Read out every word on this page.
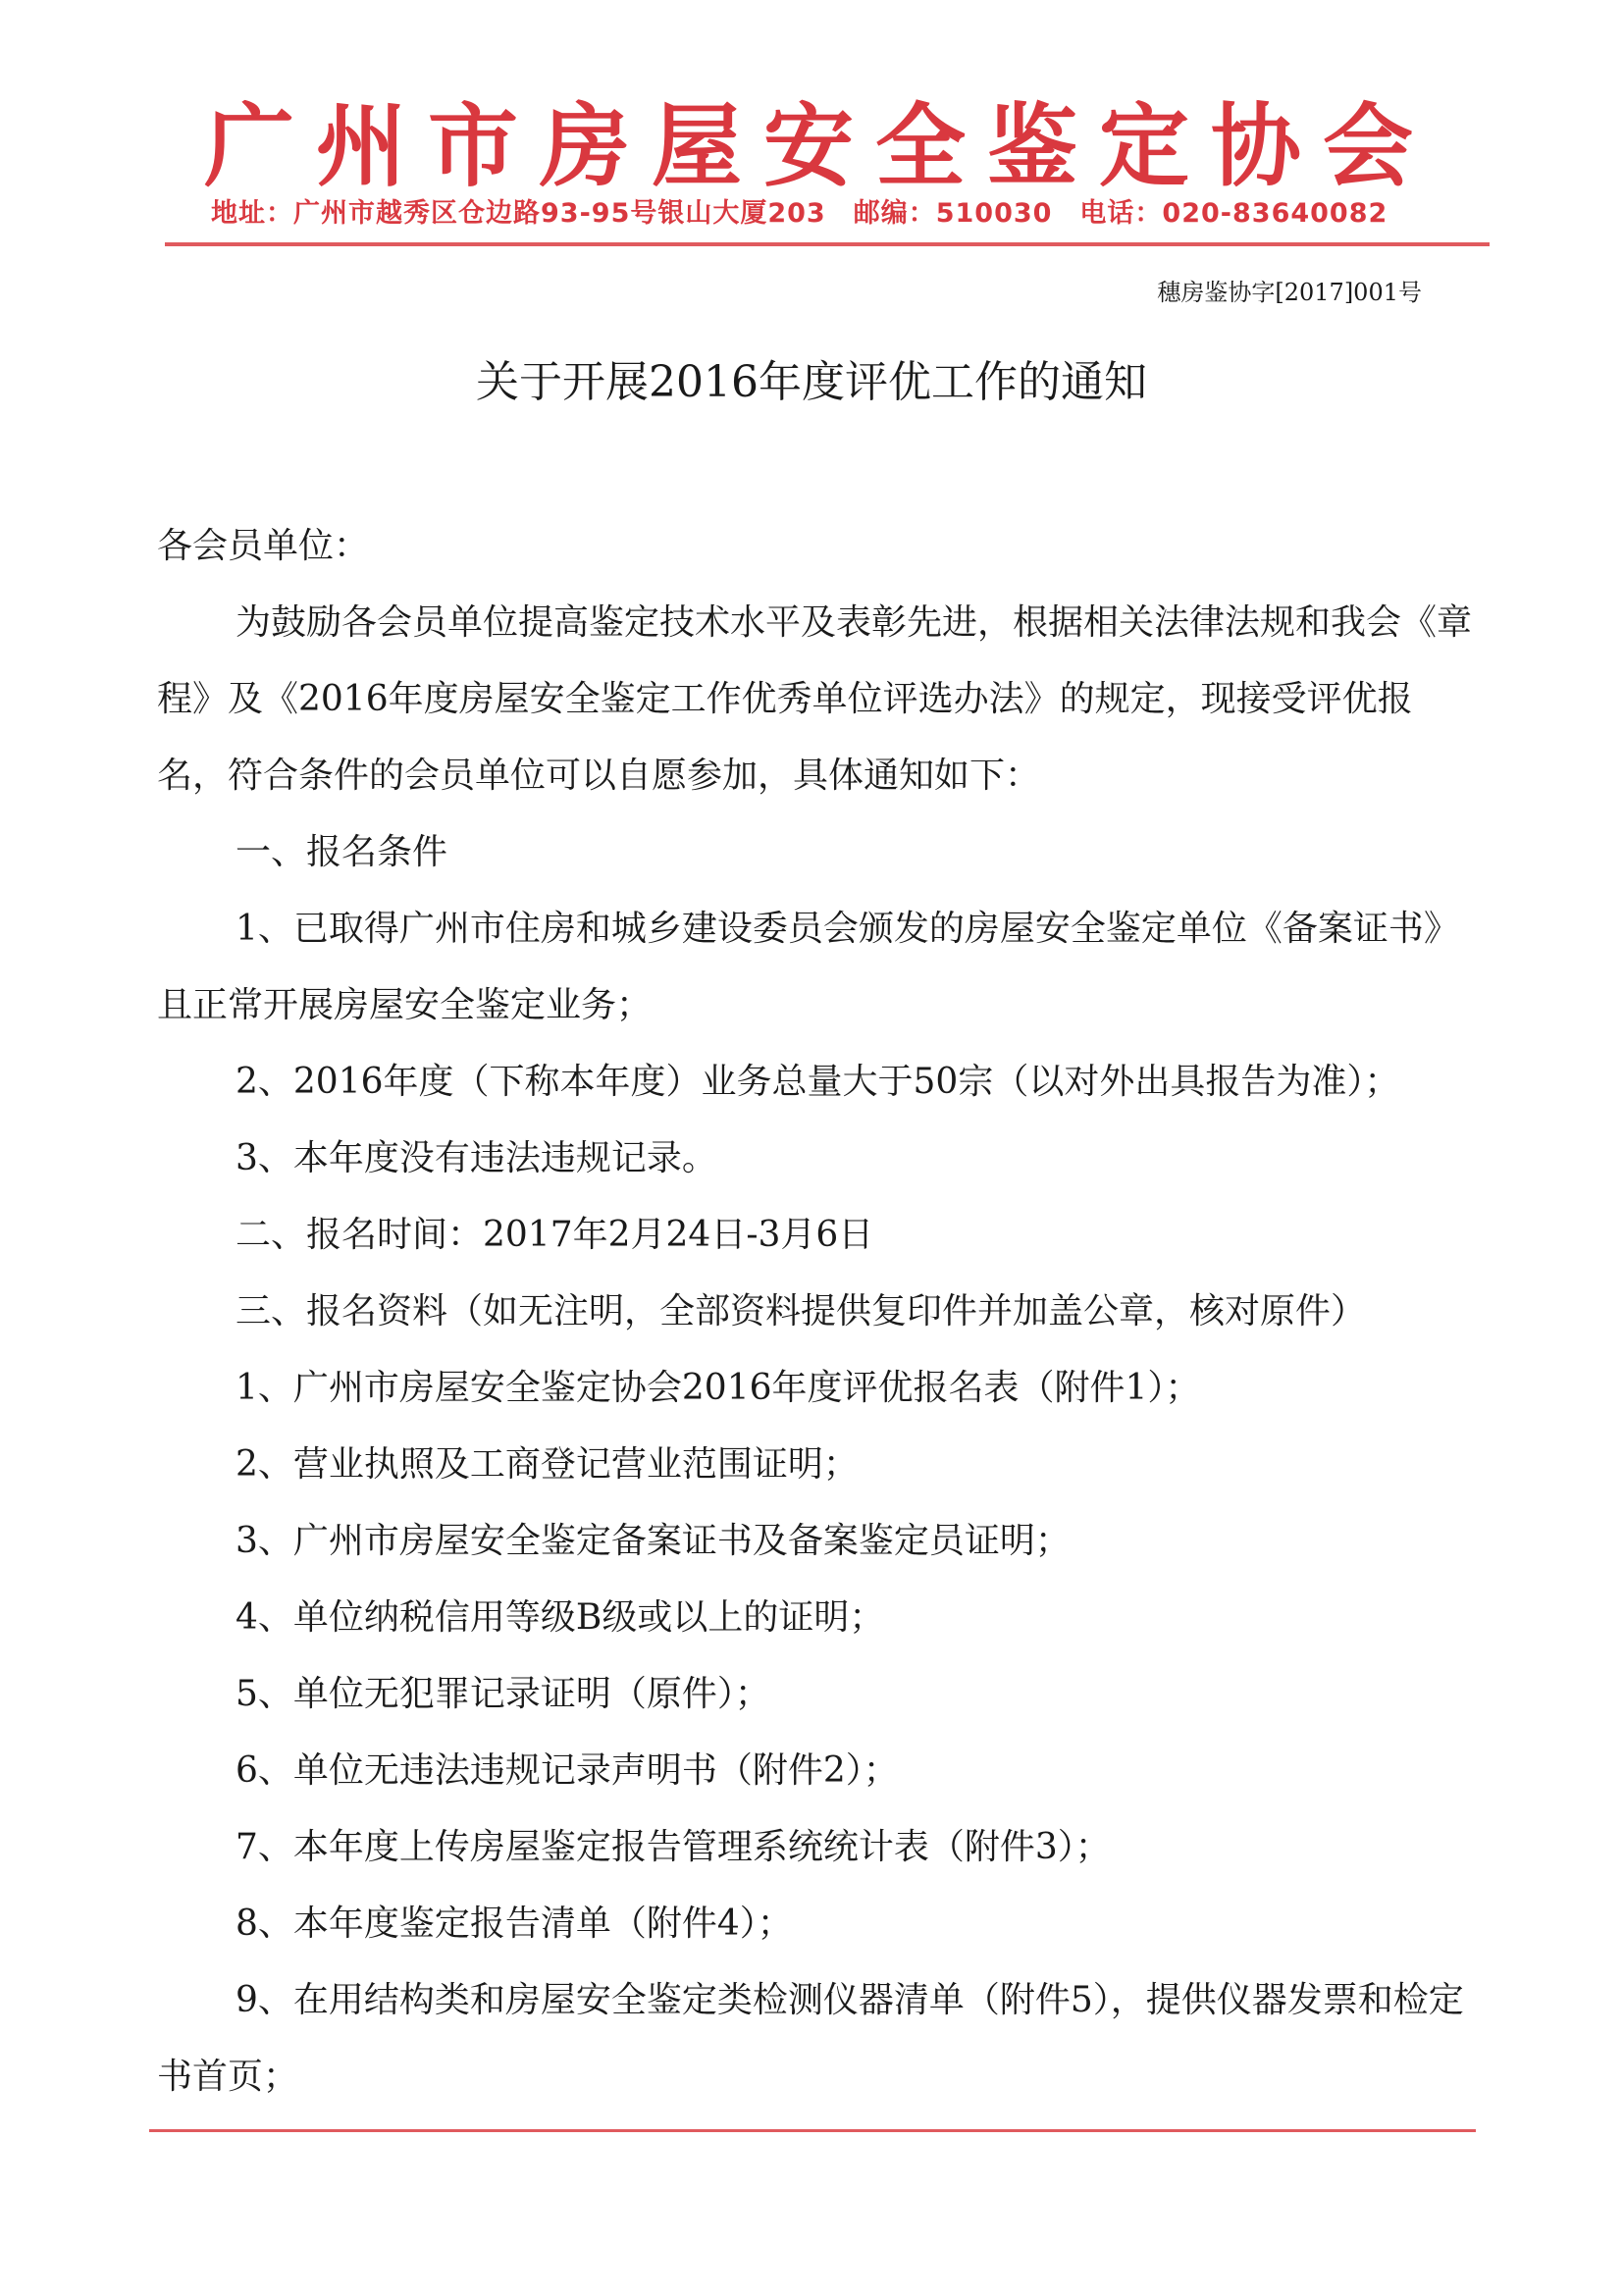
广州市房屋安全鉴定协会
地址：广州市越秀区仓边路93-95号银山大厦203　邮编：510030　电话：020-83640082
穗房鉴协字[2017]001号
关于开展2016年度评优工作的通知

各会员单位：

为鼓励各会员单位提高鉴定技术水平及表彰先进，根据相关法律法规和我会《章程》及《2016年度房屋安全鉴定工作优秀单位评选办法》的规定，现接受评优报名，符合条件的会员单位可以自愿参加，具体通知如下：

一、报名条件

1、已取得广州市住房和城乡建设委员会颁发的房屋安全鉴定单位《备案证书》且正常开展房屋安全鉴定业务；

2、2016年度（下称本年度）业务总量大于50宗（以对外出具报告为准）；

3、本年度没有违法违规记录。

二、报名时间：2017年2月24日-3月6日

三、报名资料（如无注明，全部资料提供复印件并加盖公章，核对原件）

1、广州市房屋安全鉴定协会2016年度评优报名表（附件1）；

2、营业执照及工商登记营业范围证明；

3、广州市房屋安全鉴定备案证书及备案鉴定员证明；

4、单位纳税信用等级B级或以上的证明；

5、单位无犯罪记录证明（原件）；

6、单位无违法违规记录声明书（附件2）；

7、本年度上传房屋鉴定报告管理系统统计表（附件3）；

8、本年度鉴定报告清单（附件4）；

9、在用结构类和房屋安全鉴定类检测仪器清单（附件5），提供仪器发票和检定书首页；
